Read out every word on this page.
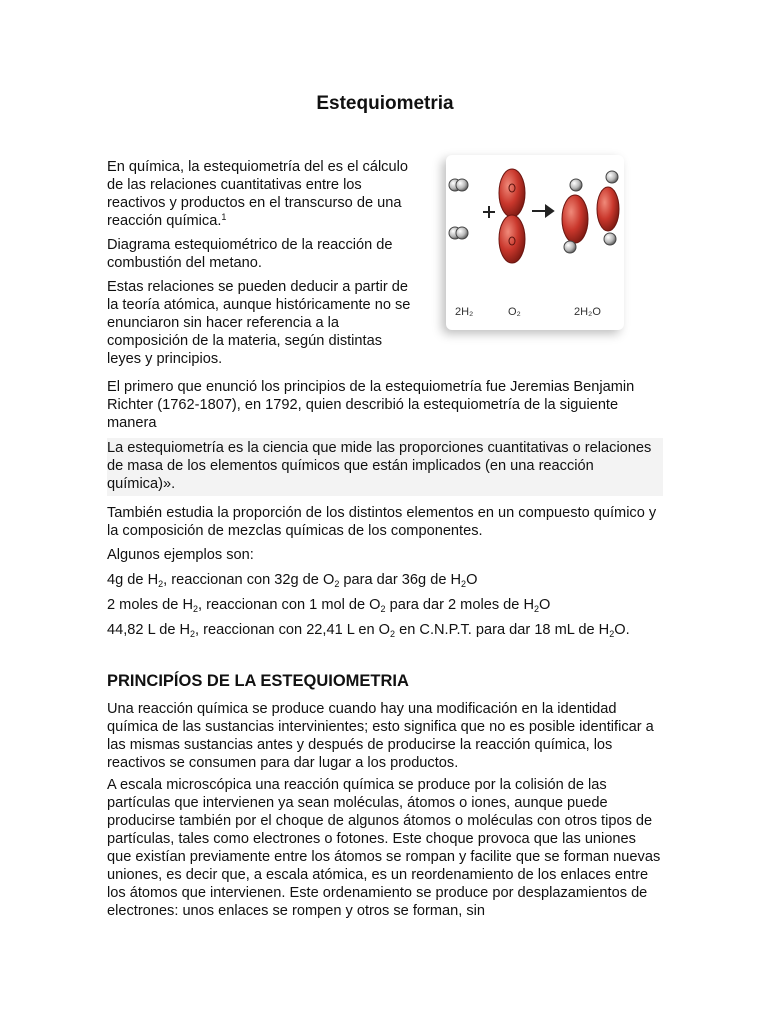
Estequiometria

En química, la estequiometría del es el cálculo de las relaciones cuantitativas entre los reactivos y productos en el transcurso de una reacción química.$^1$

Diagrama estequiométrico de la reacción de combustión del metano.

Estas relaciones se pueden deducir a partir de la teoría atómica, aunque históricamente no se enunciaron sin hacer referencia a la composición de la materia, según distintas leyes y principios.

2H₂	O₂	2H₂O

El primero que enunció los principios de la estequiometría fue Jeremias Benjamin Richter (1762-1807), en 1792, quien describió la estequiometría de la siguiente manera

La estequiometría es la ciencia que mide las proporciones cuantitativas o relaciones de masa de los elementos químicos que están implicados (en una reacción química)».

También estudia la proporción de los distintos elementos en un compuesto químico y la composición de mezclas químicas de los componentes.

Algunos ejemplos son:

4g de $H_2$, reaccionan con 32g de $O_2$ para dar 36g de $H_2O$

2 moles de $H_2$, reaccionan con 1 mol de $O_2$ para dar 2 moles de $H_2O$

44,82 L de $H_2$, reaccionan con 22,41 L en $O_2$ en C.N.P.T. para dar 18 mL de $H_2O$.

PRINCIPÍOS DE LA ESTEQUIOMETRIA

Una reacción química se produce cuando hay una modificación en la identidad química de las sustancias intervinientes; esto significa que no es posible identificar a las mismas sustancias antes y después de producirse la reacción química, los reactivos se consumen para dar lugar a los productos.

A escala microscópica una reacción química se produce por la colisión de las partículas que intervienen ya sean moléculas, átomos o iones, aunque puede producirse también por el choque de algunos átomos o moléculas con otros tipos de partículas, tales como electrones o fotones. Este choque provoca que las uniones que existían previamente entre los átomos se rompan y facilite que se forman nuevas uniones, es decir que, a escala atómica, es un reordenamiento de los enlaces entre los átomos que intervienen. Este ordenamiento se produce por desplazamientos de electrones: unos enlaces se rompen y otros se forman, sin
